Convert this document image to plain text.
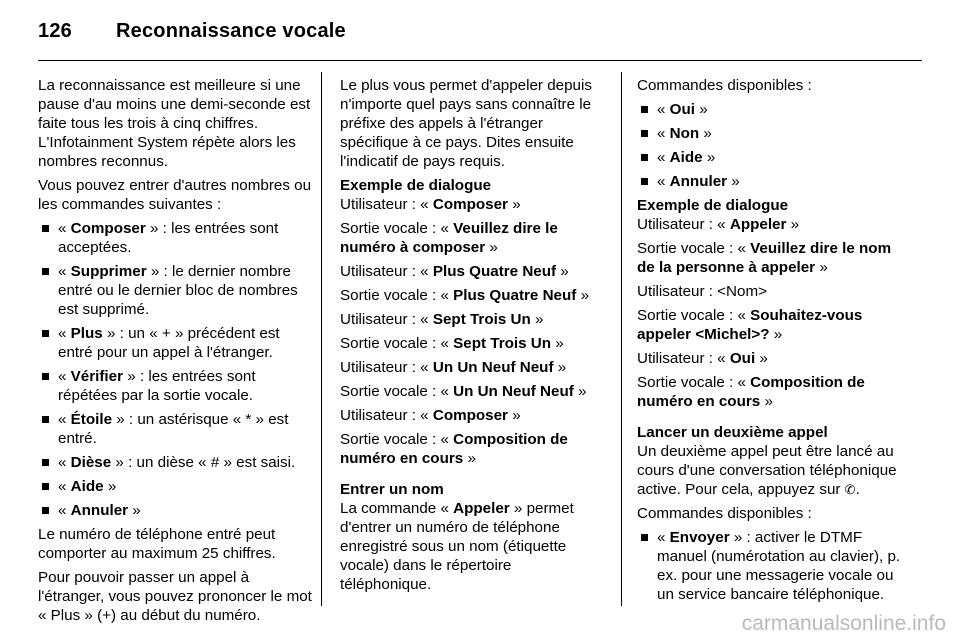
126 Reconnaissance vocale

La reconnaissance est meilleure si une pause d'au moins une demi-seconde est faite tous les trois à cinq chiffres. L'Infotainment System répète alors les nombres reconnus.

Vous pouvez entrer d'autres nombres ou les commandes suivantes :

« Composer » : les entrées sont acceptées.
« Supprimer » : le dernier nombre entré ou le dernier bloc de nombres est supprimé.
« Plus » : un « + » précédent est entré pour un appel à l'étranger.
« Vérifier » : les entrées sont répétées par la sortie vocale.
« Étoile » : un astérisque « * » est entré.
« Dièse » : un dièse « # » est saisi.
« Aide »
« Annuler »

Le numéro de téléphone entré peut comporter au maximum 25 chiffres.

Pour pouvoir passer un appel à l'étranger, vous pouvez prononcer le mot « Plus » (+) au début du numéro.

Le plus vous permet d'appeler depuis n'importe quel pays sans connaître le préfixe des appels à l'étranger spécifique à ce pays. Dites ensuite l'indicatif de pays requis.

Exemple de dialogue

Utilisateur : « Composer »

Sortie vocale : « Veuillez dire le numéro à composer »

Utilisateur : « Plus Quatre Neuf »

Sortie vocale : « Plus Quatre Neuf »

Utilisateur : « Sept Trois Un »

Sortie vocale : « Sept Trois Un »

Utilisateur : « Un Un Neuf Neuf »

Sortie vocale : « Un Un Neuf Neuf »

Utilisateur : « Composer »

Sortie vocale : « Composition de numéro en cours »

Entrer un nom

La commande « Appeler » permet d'entrer un numéro de téléphone enregistré sous un nom (étiquette vocale) dans le répertoire téléphonique.

Commandes disponibles :

« Oui »
« Non »
« Aide »
« Annuler »
Exemple de dialogue

Utilisateur : « Appeler »

Sortie vocale : « Veuillez dire le nom de la personne à appeler »

Utilisateur : <Nom>

Sortie vocale : « Souhaitez-vous appeler <Michel>? »

Utilisateur : « Oui »

Sortie vocale : « Composition de numéro en cours »

Lancer un deuxième appel

Un deuxième appel peut être lancé au cours d'une conversation téléphonique active. Pour cela, appuyez sur ✆.

Commandes disponibles :

« Envoyer » : activer le DTMF manuel (numérotation au clavier), p. ex. pour une messagerie vocale ou un service bancaire téléphonique.
carmanualsonline.info
